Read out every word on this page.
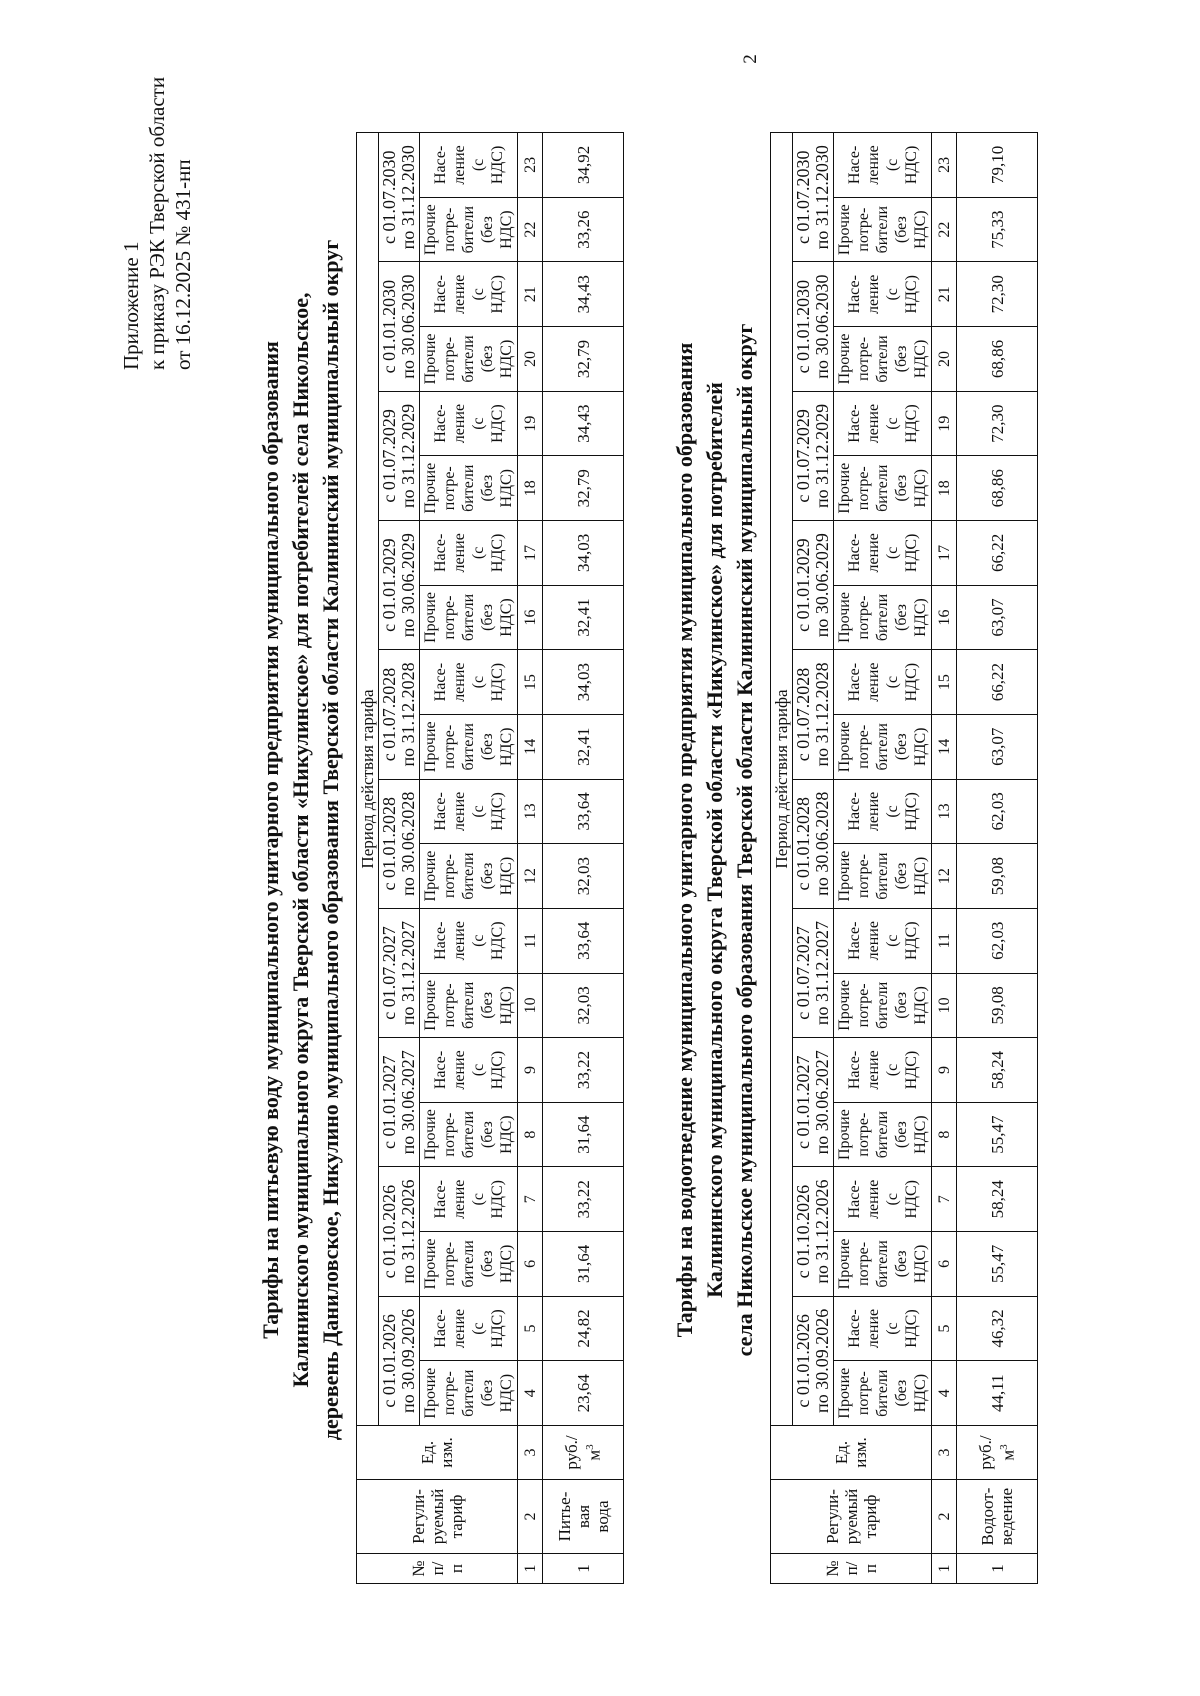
2
Приложение 1 к приказу РЭК Тверской области от 16.12.2025 № 431-нп
Тарифы на питьевую воду муниципального унитарного предприятия муниципального образования Калининского муниципального округа Тверской области «Никулинское» для потребителей села Никольское, деревень Даниловское, Никулино муниципального образования Тверской области Калининский муниципальный округ
№ п/ п	Регули- руемый тариф	Ед. изм.	Период действия тарифа																			

			с 01.01.2026 по 30.09.2026		с 01.10.2026 по 31.12.2026		с 01.01.2027 по 30.06.2027		с 01.07.2027 по 31.12.2027		с 01.01.2028 по 30.06.2028		с 01.07.2028 по 31.12.2028		с 01.01.2029 по 30.06.2029		с 01.07.2029 по 31.12.2029		с 01.01.2030 по 30.06.2030		с 01.07.2030 по 31.12.2030	

			Прочие потре- бители (без НДС)	Насе- ление (с НДС)	Прочие потре- бители (без НДС)	Насе- ление (с НДС)	Прочие потре- бители (без НДС)	Насе- ление (с НДС)	Прочие потре- бители (без НДС)	Насе- ление (с НДС)	Прочие потре- бители (без НДС)	Насе- ление (с НДС)	Прочие потре- бители (без НДС)	Насе- ление (с НДС)	Прочие потре- бители (без НДС)	Насе- ление (с НДС)	Прочие потре- бители (без НДС)	Насе- ление (с НДС)	Прочие потре- бители (без НДС)	Насе- ление (с НДС)	Прочие потре- бители (без НДС)	Насе- ление (с НДС)

1	2	3	4	5	6	7	8	9	10	11	12	13	14	15	16	17	18	19	20	21	22	23
1	Питье- вая вода	$руб./м^3$	23,64	24,82	31,64	33,22	31,64	33,22	32,03	33,64	32,03	33,64	32,41	34,03	32,41	34,03	32,79	34,43	32,79	34,43	33,26	34,92
Тарифы на водоотведение муниципального унитарного предприятия муниципального образования Калининского муниципального округа Тверской области «Никулинское» для потребителей села Никольское муниципального образования Тверской области Калининский муниципальный округ
№ п/ п	Регули- руемый тариф	Ед. изм.	Период действия тарифа																			

			с 01.01.2026 по 30.09.2026		с 01.10.2026 по 31.12.2026		с 01.01.2027 по 30.06.2027		с 01.07.2027 по 31.12.2027		с 01.01.2028 по 30.06.2028		с 01.07.2028 по 31.12.2028		с 01.01.2029 по 30.06.2029		с 01.07.2029 по 31.12.2029		с 01.01.2030 по 30.06.2030		с 01.07.2030 по 31.12.2030	

			Прочие потре- бители (без НДС)	Насе- ление (с НДС)	Прочие потре- бители (без НДС)	Насе- ление (с НДС)	Прочие потре- бители (без НДС)	Насе- ление (с НДС)	Прочие потре- бители (без НДС)	Насе- ление (с НДС)	Прочие потре- бители (без НДС)	Насе- ление (с НДС)	Прочие потре- бители (без НДС)	Насе- ление (с НДС)	Прочие потре- бители (без НДС)	Насе- ление (с НДС)	Прочие потре- бители (без НДС)	Насе- ление (с НДС)	Прочие потре- бители (без НДС)	Насе- ление (с НДС)	Прочие потре- бители (без НДС)	Насе- ление (с НДС)

1	2	3	4	5	6	7	8	9	10	11	12	13	14	15	16	17	18	19	20	21	22	23
1	Водоот- ведение	$руб./м^3$	44,11	46,32	55,47	58,24	55,47	58,24	59,08	62,03	59,08	62,03	63,07	66,22	63,07	66,22	68,86	72,30	68,86	72,30	75,33	79,10
